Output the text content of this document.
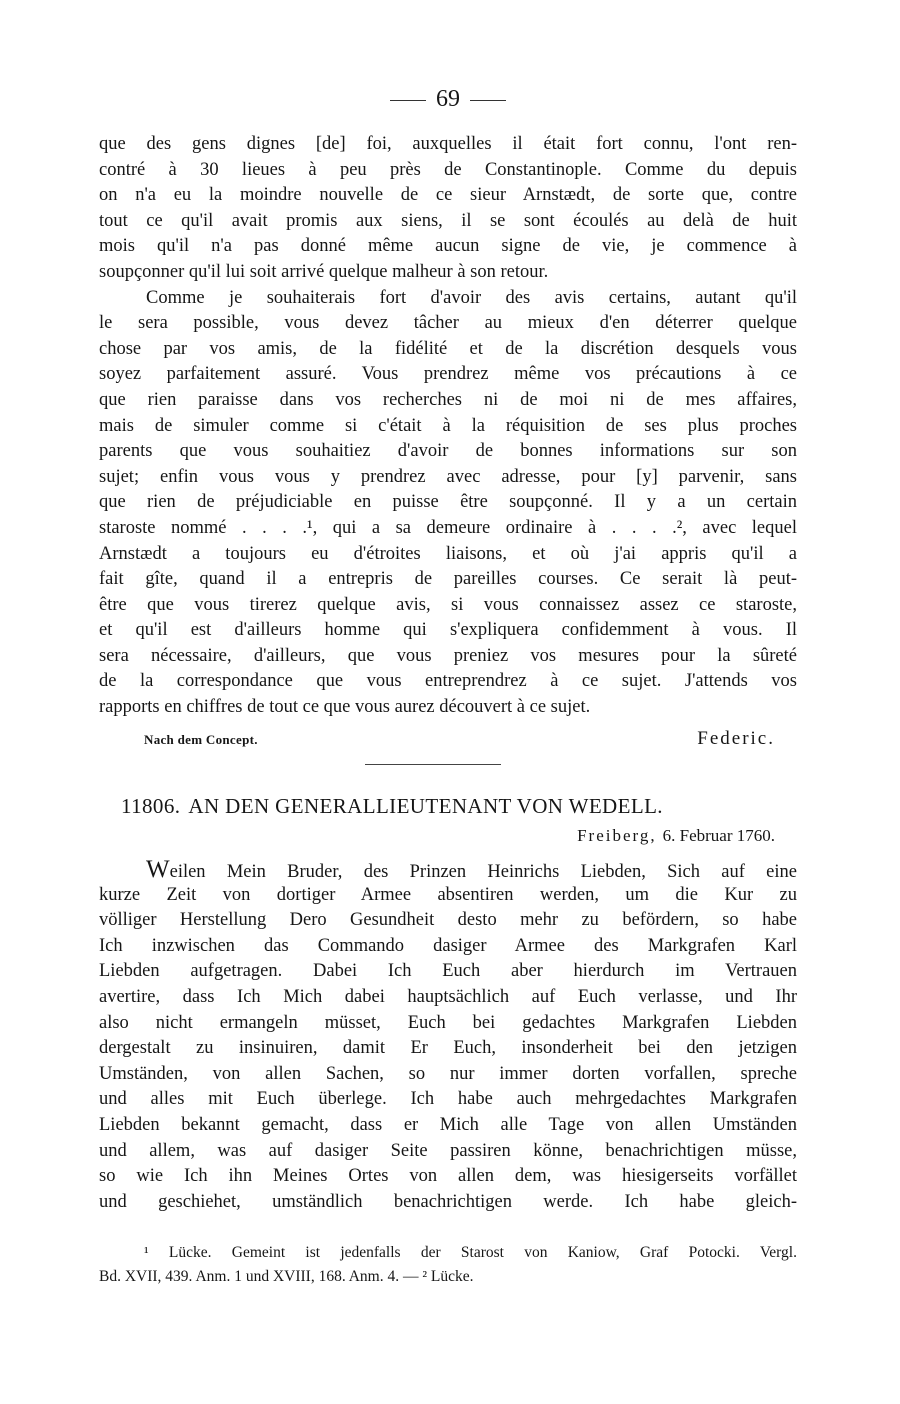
69

que des gens dignes [de] foi, auxquelles il était fort connu, l'ont ren-

contré à 30 lieues à peu près de Constantinople. Comme du depuis

on n'a eu la moindre nouvelle de ce sieur Arnstædt, de sorte que, contre

tout ce qu'il avait promis aux siens, il se sont écoulés au delà de huit

mois qu'il n'a pas donné même aucun signe de vie, je commence à

soupçonner qu'il lui soit arrivé quelque malheur à son retour.

Comme je souhaiterais fort d'avoir des avis certains, autant qu'il

le sera possible, vous devez tâcher au mieux d'en déterrer quelque

chose par vos amis, de la fidélité et de la discrétion desquels vous

soyez parfaitement assuré. Vous prendrez même vos précautions à ce

que rien paraisse dans vos recherches ni de moi ni de mes affaires,

mais de simuler comme si c'était à la réquisition de ses plus proches

parents que vous souhaitiez d'avoir de bonnes informations sur son

sujet; enfin vous vous y prendrez avec adresse, pour [y] parvenir, sans

que rien de préjudiciable en puisse être soupçonné. Il y a un certain

staroste nommé . . . .¹, qui a sa demeure ordinaire à . . . .², avec lequel

Arnstædt a toujours eu d'étroites liaisons, et où j'ai appris qu'il a

fait gîte, quand il a entrepris de pareilles courses. Ce serait là peut-

être que vous tirerez quelque avis, si vous connaissez assez ce staroste,

et qu'il est d'ailleurs homme qui s'expliquera confidemment à vous. Il

sera nécessaire, d'ailleurs, que vous preniez vos mesures pour la sûreté

de la correspondance que vous entreprendrez à ce sujet. J'attends vos

rapports en chiffres de tout ce que vous aurez découvert à ce sujet.

Nach dem Concept.	Federic.
11806. AN DEN GENERALLIEUTENANT VON WEDELL.
Freiberg, 6. Februar 1760.

Weilen Mein Bruder, des Prinzen Heinrichs Liebden, Sich auf eine

kurze Zeit von dortiger Armee absentiren werden, um die Kur zu

völliger Herstellung Dero Gesundheit desto mehr zu befördern, so habe

Ich inzwischen das Commando dasiger Armee des Markgrafen Karl

Liebden aufgetragen. Dabei Ich Euch aber hierdurch im Vertrauen

avertire, dass Ich Mich dabei hauptsächlich auf Euch verlasse, und Ihr

also nicht ermangeln müsset, Euch bei gedachtes Markgrafen Liebden

dergestalt zu insinuiren, damit Er Euch, insonderheit bei den jetzigen

Umständen, von allen Sachen, so nur immer dorten vorfallen, spreche

und alles mit Euch überlege. Ich habe auch mehrgedachtes Markgrafen

Liebden bekannt gemacht, dass er Mich alle Tage von allen Umständen

und allem, was auf dasiger Seite passiren könne, benachrichtigen müsse,

so wie Ich ihn Meines Ortes von allen dem, was hiesigerseits vorfället

und geschiehet, umständlich benachrichtigen werde. Ich habe gleich-

¹ Lücke. Gemeint ist jedenfalls der Starost von Kaniow, Graf Potocki. Vergl.

Bd. XVII, 439. Anm. 1 und XVIII, 168. Anm. 4. — ² Lücke.
